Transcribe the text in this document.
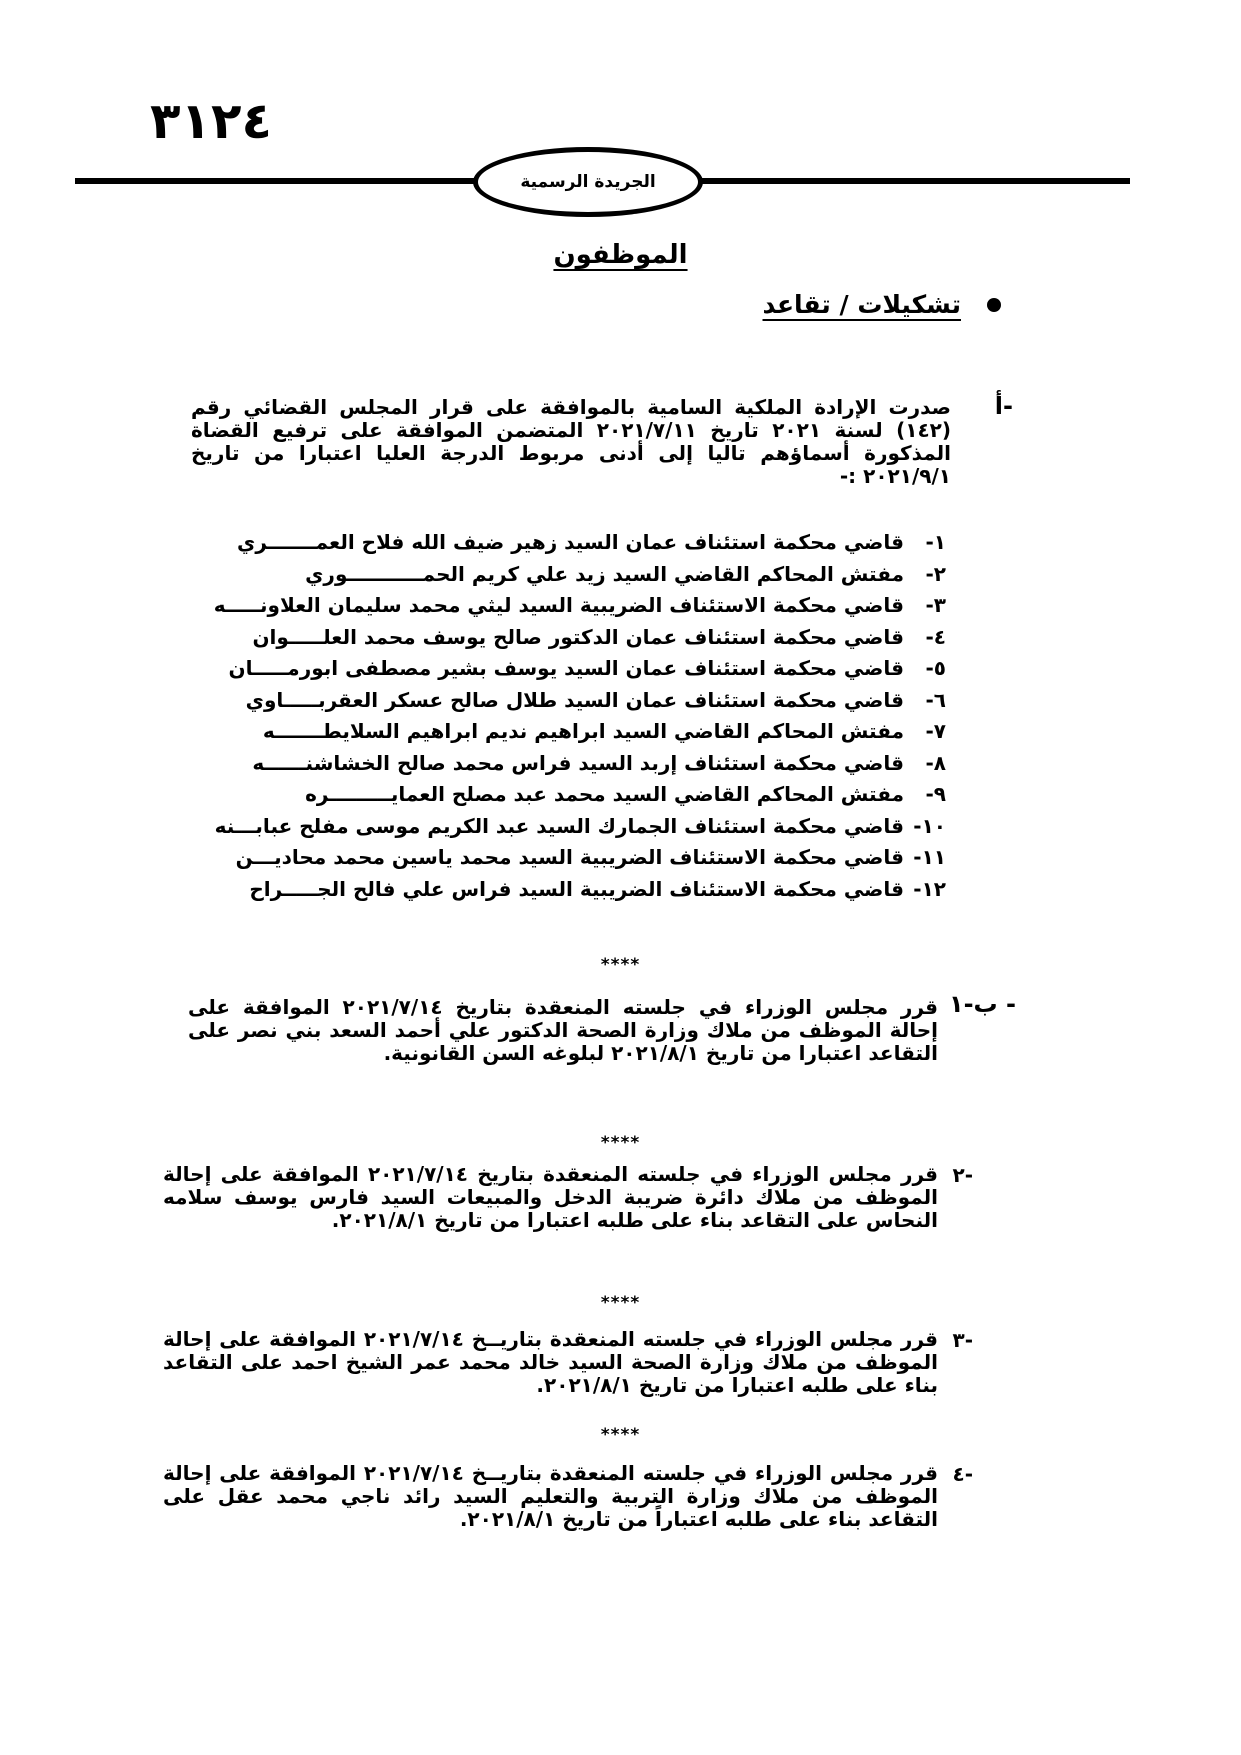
٣١٢٤
الجريدة الرسمية
الموظفون
تشكيلات / تقاعد
أ-
صدرت الإرادة الملكية السامية بالموافقة على قرار المجلس القضائي رقم (١٤٢) لسنة ٢٠٢١ تاريخ ٢٠٢١/٧/١١ المتضمن الموافقة على ترفيع القضاة المذكورة أسماؤهم تاليا إلى أدنى مربوط الدرجة العليا اعتبارا من تاريخ ٢٠٢١/٩/١ :-
١-
قاضي محكمة استئناف عمان السيد زهير ضيف الله فلاح العمـــــــري
٢-
مفتش المحاكم القاضي السيد زيد علي كريم الحمـــــــــــوري
٣-
قاضي محكمة الاستئناف الضريبية السيد ليثي محمد سليمان العلاونـــــه
٤-
قاضي محكمة استئناف عمان الدكتور صالح يوسف محمد العلـــــوان
٥-
قاضي محكمة استئناف عمان السيد يوسف بشير مصطفى ابورمـــــان
٦-
قاضي محكمة استئناف عمان السيد طلال صالح عسكر العقربـــــاوي
٧-
مفتش المحاكم القاضي السيد ابراهيم نديم ابراهيم السلايطـــــــه
٨-
قاضي محكمة استئناف إربد السيد فراس محمد صالح الخشاشنــــــه
٩-
مفتش المحاكم القاضي السيد محمد عبد مصلح العمايـــــــــره
١٠-
قاضي محكمة استئناف الجمارك السيد عبد الكريم موسى مفلح عبابـــنه
١١-
قاضي محكمة الاستئناف الضريبية السيد محمد ياسين محمد محاديـــن
١٢-
قاضي محكمة الاستئناف الضريبية السيد فراس علي فالح الجـــــراح
****
ب-١ -
قرر مجلس الوزراء في جلسته المنعقدة بتاريخ ٢٠٢١/٧/١٤ الموافقة على إحالة الموظف من ملاك وزارة الصحة الدكتور علي أحمد السعد بني نصر على التقاعد اعتبارا من تاريخ ٢٠٢١/٨/١ لبلوغه السن القانونية.
****
٢-
قرر مجلس الوزراء في جلسته المنعقدة بتاريخ ٢٠٢١/٧/١٤ الموافقة على إحالة الموظف من ملاك دائرة ضريبة الدخل والمبيعات السيد فارس يوسف سلامه النحاس على التقاعد بناء على طلبه اعتبارا من تاريخ ٢٠٢١/٨/١.
****
٣-
قرر مجلس الوزراء في جلسته المنعقدة بتاريــخ ٢٠٢١/٧/١٤ الموافقة على إحالة الموظف من ملاك وزارة الصحة السيد خالد محمد عمر الشيخ احمد على التقاعد بناء على طلبه اعتبارا من تاريخ ٢٠٢١/٨/١.
****
٤-
قرر مجلس الوزراء في جلسته المنعقدة بتاريــخ ٢٠٢١/٧/١٤ الموافقة على إحالة الموظف من ملاك وزارة التربية والتعليم السيد رائد ناجي محمد عقل على التقاعد بناء على طلبه اعتباراً من تاريخ ٢٠٢١/٨/١.
